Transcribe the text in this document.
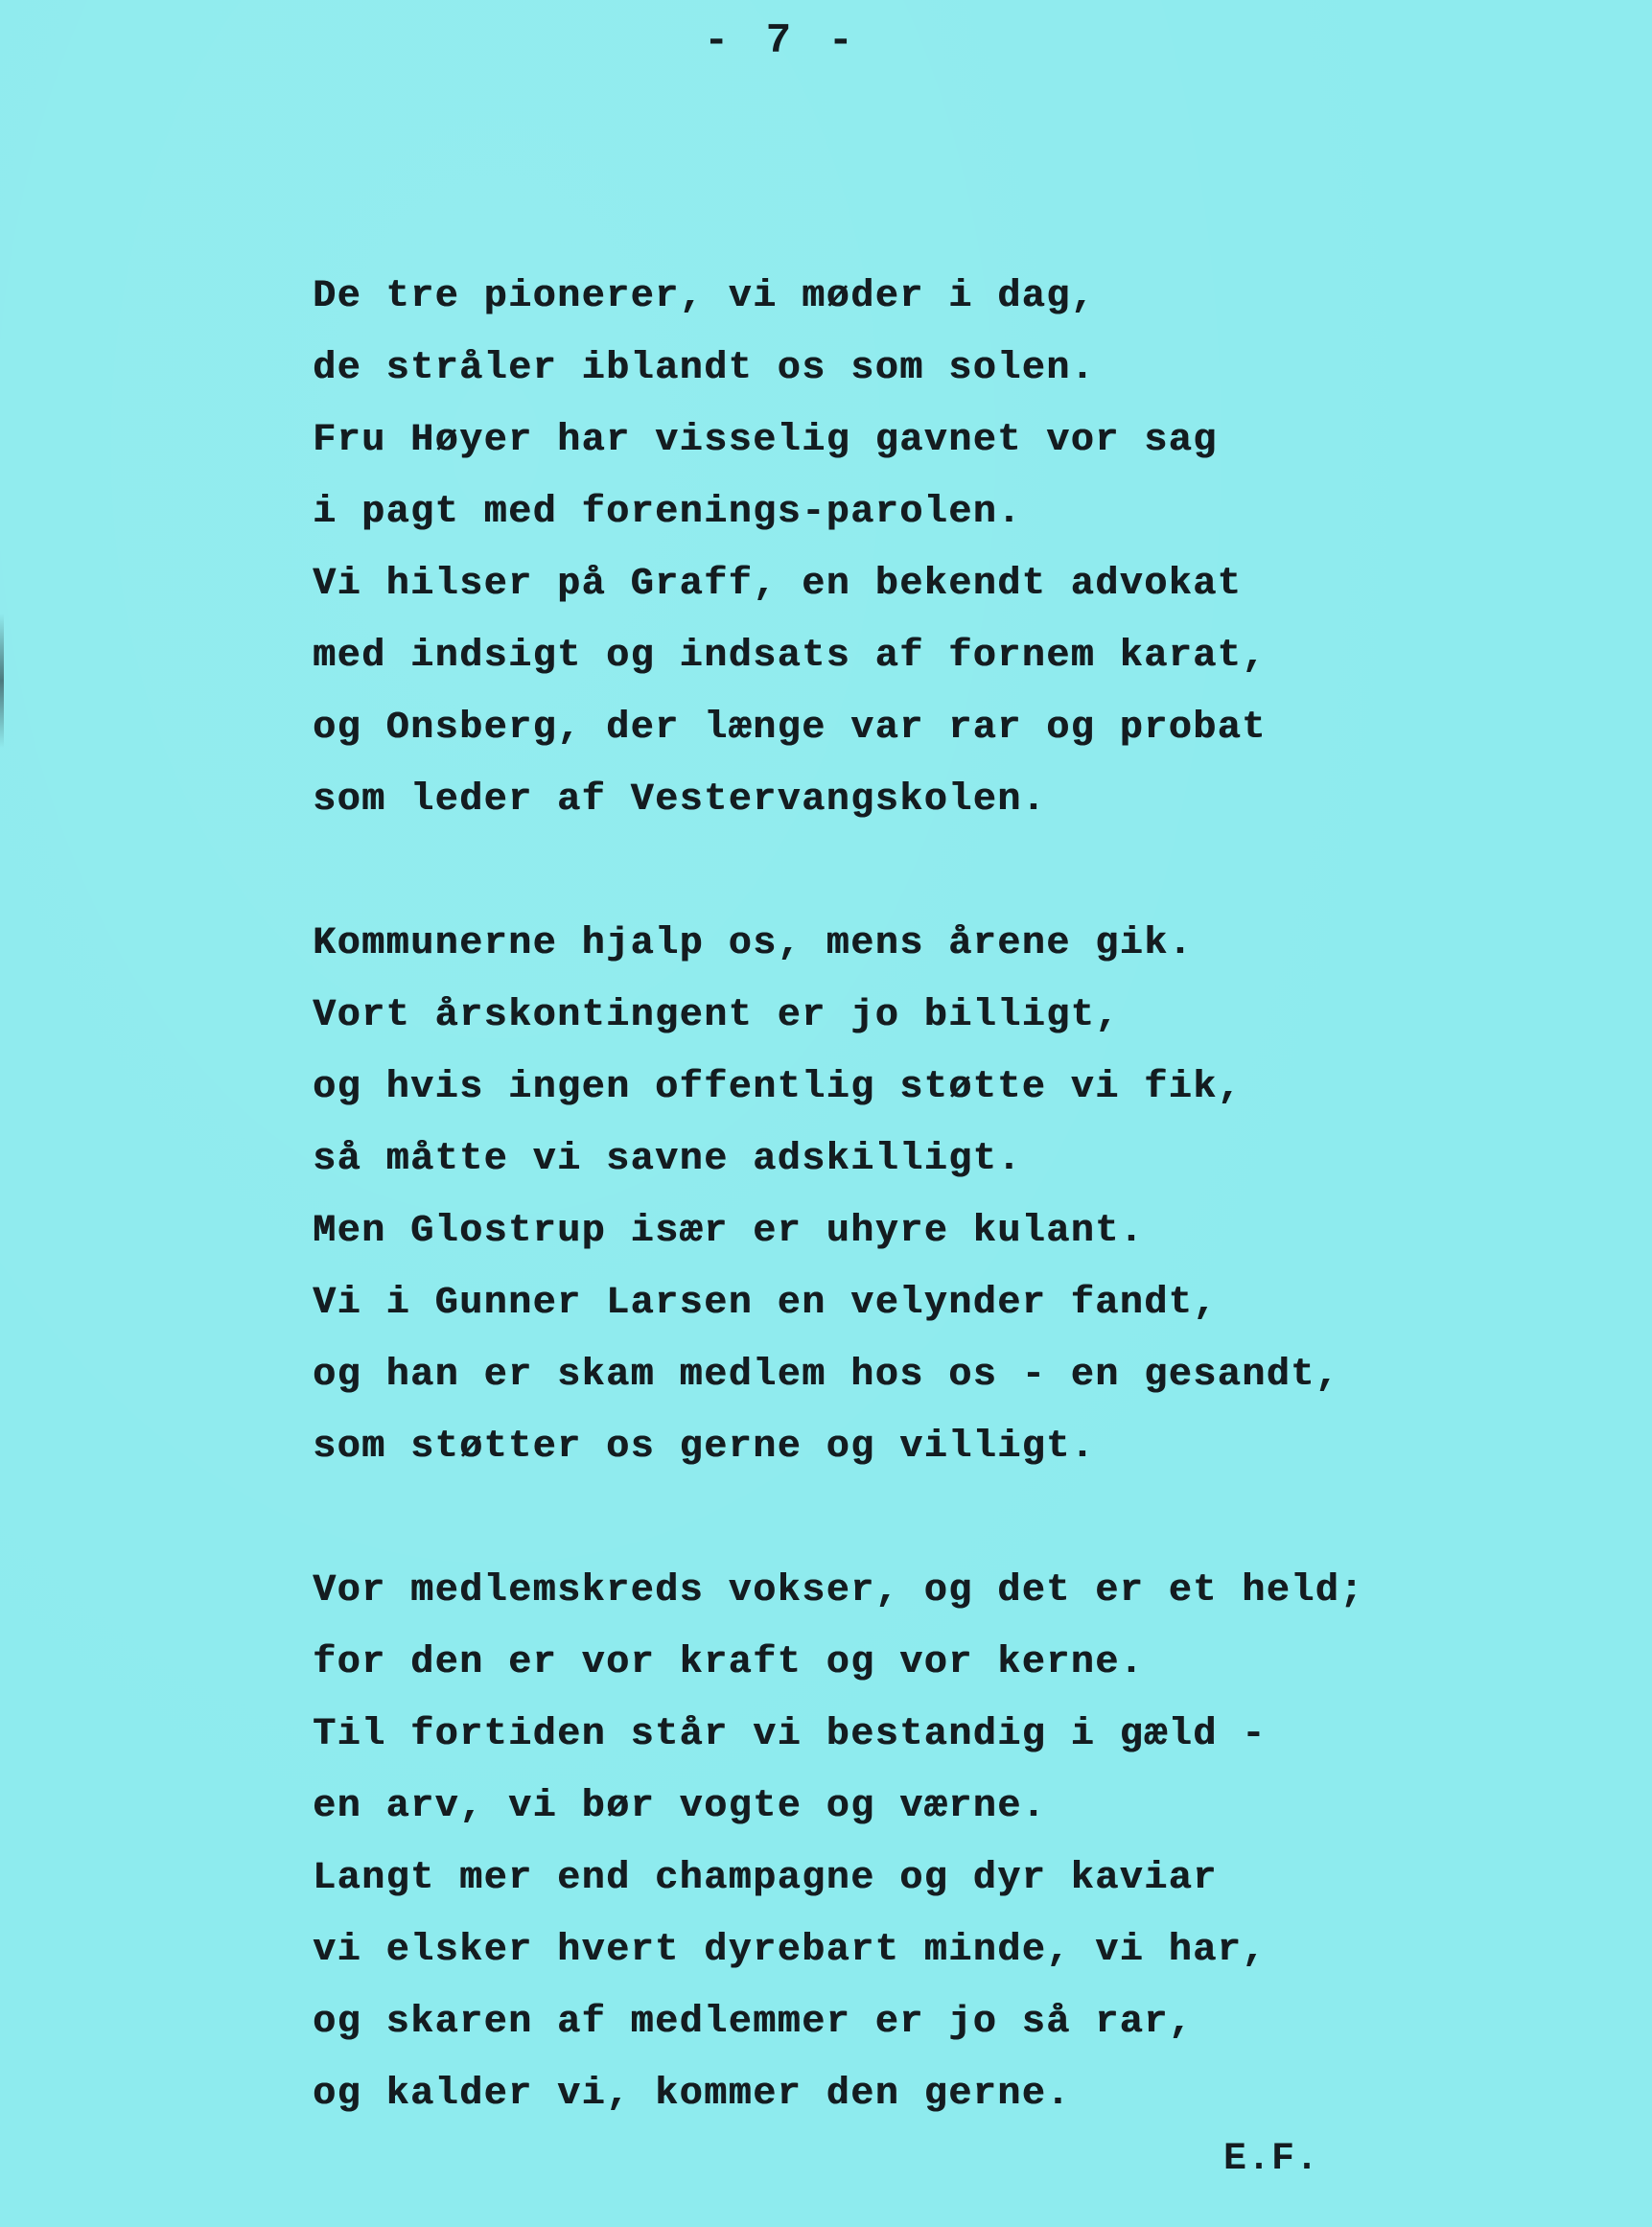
- 7 -
De tre pionerer, vi møder i dag,
de stråler iblandt os som solen.
Fru Høyer har visselig gavnet vor sag
i pagt med forenings-parolen.
Vi hilser på Graff, en bekendt advokat
med indsigt og indsats af fornem karat,
og Onsberg, der længe var rar og probat
som leder af Vestervangskolen.
Kommunerne hjalp os, mens årene gik.
Vort årskontingent er jo billigt,
og hvis ingen offentlig støtte vi fik,
så måtte vi savne adskilligt.
Men Glostrup især er uhyre kulant.
Vi i Gunner Larsen en velynder fandt,
og han er skam medlem hos os - en gesandt,
som støtter os gerne og villigt.
Vor medlemskreds vokser, og det er et held;
for den er vor kraft og vor kerne.
Til fortiden står vi bestandig i gæld -
en arv, vi bør vogte og værne.
Langt mer end champagne og dyr kaviar
vi elsker hvert dyrebart minde, vi har,
og skaren af medlemmer er jo så rar,
og kalder vi, kommer den gerne.
E.F.
